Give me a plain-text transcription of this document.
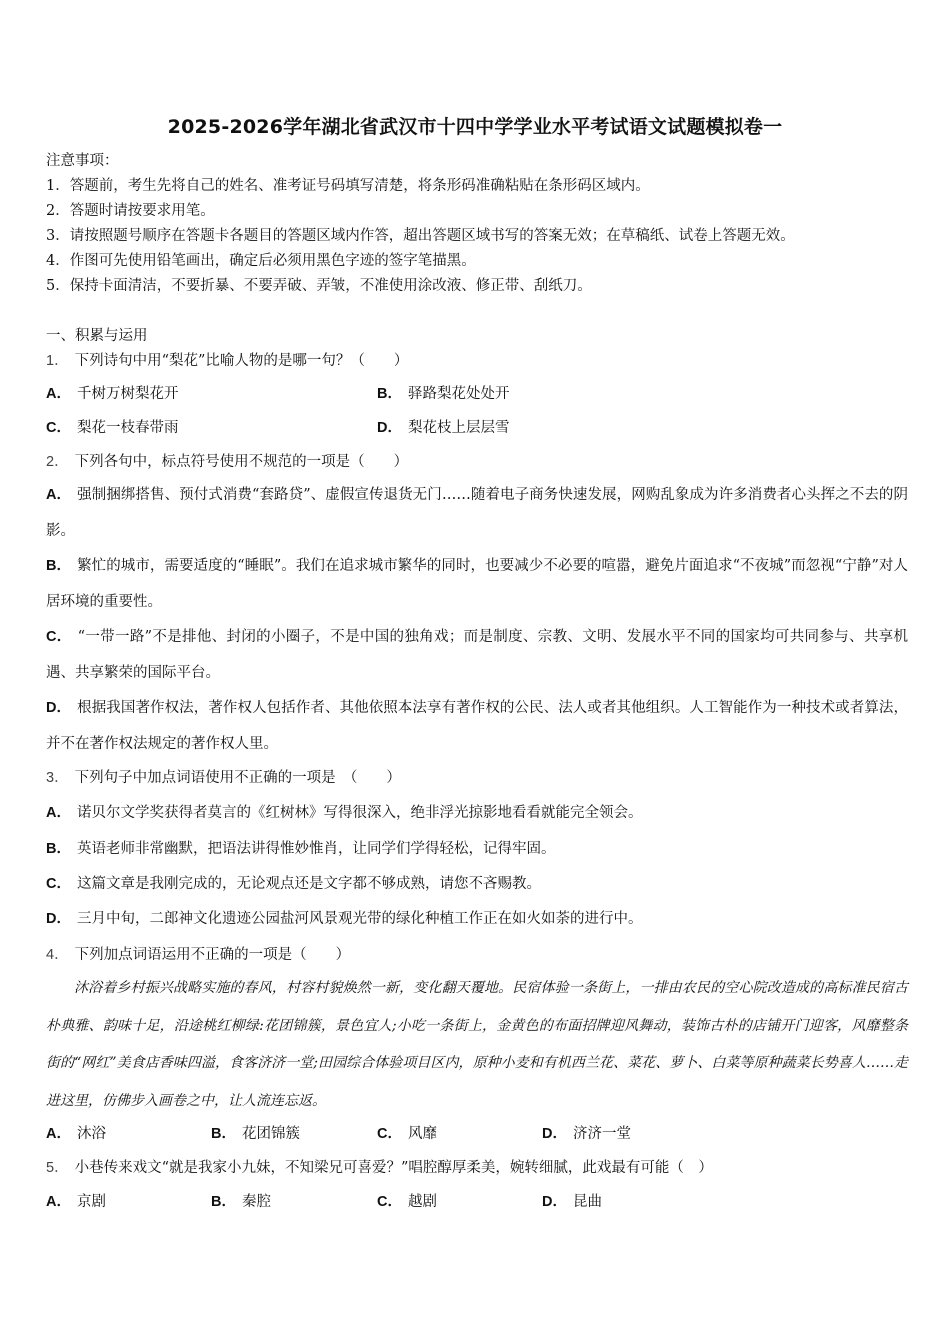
2025-2026学年湖北省武汉市十四中学学业水平考试语文试题模拟卷一
注意事项：
1．答题前，考生先将自己的姓名、准考证号码填写清楚，将条形码准确粘贴在条形码区域内。
2．答题时请按要求用笔。
3．请按照题号顺序在答题卡各题目的答题区域内作答，超出答题区域书写的答案无效；在草稿纸、试卷上答题无效。
4．作图可先使用铅笔画出，确定后必须用黑色字迹的签字笔描黑。
5．保持卡面清洁，不要折暴、不要弄破、弄皱，不准使用涂改液、修正带、刮纸刀。
一、积累与运用
1． 下列诗句中用“梨花”比喻人物的是哪一句？（　　）
A． 千树万树梨花开	B． 驿路梨花处处开
C． 梨花一枝春带雨	D． 梨花枝上层层雪
2． 下列各句中，标点符号使用不规范的一项是（　　）
A． 强制捆绑搭售、预付式消费“套路贷”、虚假宣传退货无门……随着电子商务快速发展，网购乱象成为许多消费者心头挥之不去的阴影。
B． 繁忙的城市，需要适度的“睡眠”。我们在追求城市繁华的同时，也要减少不必要的喧嚣，避免片面追求“不夜城”而忽视“宁静”对人居环境的重要性。
C． “一带一路”不是排他、封闭的小圈子，不是中国的独角戏；而是制度、宗教、文明、发展水平不同的国家均可共同参与、共享机遇、共享繁荣的国际平台。
D． 根据我国著作权法，著作权人包括作者、其他依照本法享有著作权的公民、法人或者其他组织。人工智能作为一种技术或者算法，并不在著作权法规定的著作权人里。
3． 下列句子中加点词语使用不正确的一项是　（　　）
A． 诺贝尔文学奖获得者莫言的《红树林》写得很深入，绝非浮光掠影地看看就能完全领会。
B． 英语老师非常幽默，把语法讲得惟妙惟肖，让同学们学得轻松，记得牢固。
C． 这篇文章是我刚完成的，无论观点还是文字都不够成熟，请您不吝赐教。
D． 三月中旬，二郎神文化遗迹公园盐河风景观光带的绿化种植工作正在如火如荼的进行中。
4． 下列加点词语运用不正确的一项是（　　）
沐浴着乡村振兴战略实施的春风，村容村貌焕然一新，变化翻天覆地。民宿体验一条街上，一排由农民的空心院改造成的高标准民宿古朴典雅、韵味十足，沿途桃红柳绿:花团锦簇，景色宜人;小吃一条街上，金黄色的布面招牌迎风舞动，装饰古朴的店铺开门迎客，风靡整条街的“网红”美食店香味四溢，食客济济一堂;田园综合体验项目区内，原种小麦和有机西兰花、菜花、萝卜、白菜等原种蔬菜长势喜人……走进这里，仿佛步入画卷之中，让人流连忘返。
A． 沐浴	B． 花团锦簇	C． 风靡	D． 济济一堂
5． 小巷传来戏文“就是我家小九妹，不知梁兄可喜爱？”唱腔醇厚柔美，婉转细腻，此戏最有可能（　）
A． 京剧	B． 秦腔	C． 越剧	D． 昆曲
